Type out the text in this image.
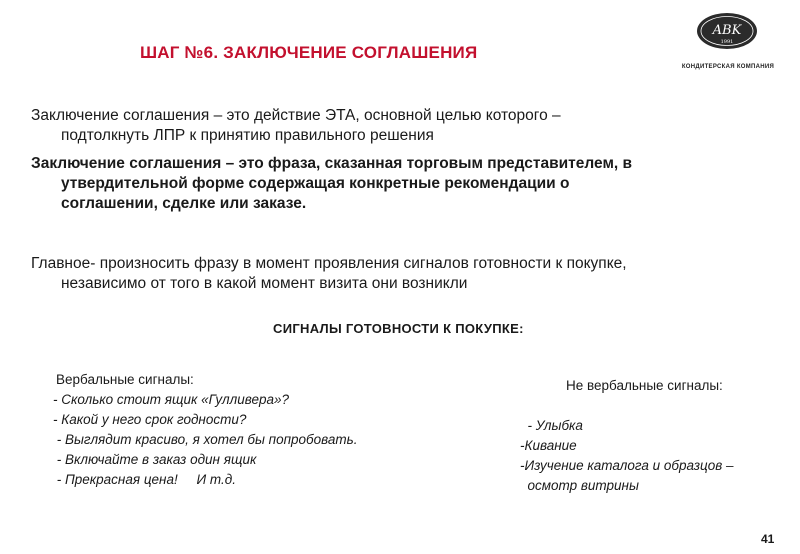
ШАГ №6. ЗАКЛЮЧЕНИЕ СОГЛАШЕНИЯ
ABK
1991
КОНДИТЕРСКАЯ КОМПАНИЯ
Заключение соглашения – это действие ЭТА, основной целью которого –
подтолкнуть ЛПР к принятию правильного решения
Заключение соглашения – это фраза, сказанная торговым представителем, в
утвердительной форме содержащая конкретные рекомендации о
соглашении, сделке или заказе.
Главное- произносить фразу в момент проявления сигналов готовности к покупке,
независимо от того в какой момент визита они возникли
СИГНАЛЫ ГОТОВНОСТИ К ПОКУПКЕ:
Вербальные сигналы:
- Сколько стоит ящик «Гулливера»?
- Какой у него срок годности?
- Выглядит красиво, я хотел бы попробовать.
- Включайте в заказ один ящик
- Прекрасная цена!     И т.д.
Не вербальные сигналы:
- Улыбка
-Кивание
-Изучение каталога и образцов –
осмотр витрины
41
